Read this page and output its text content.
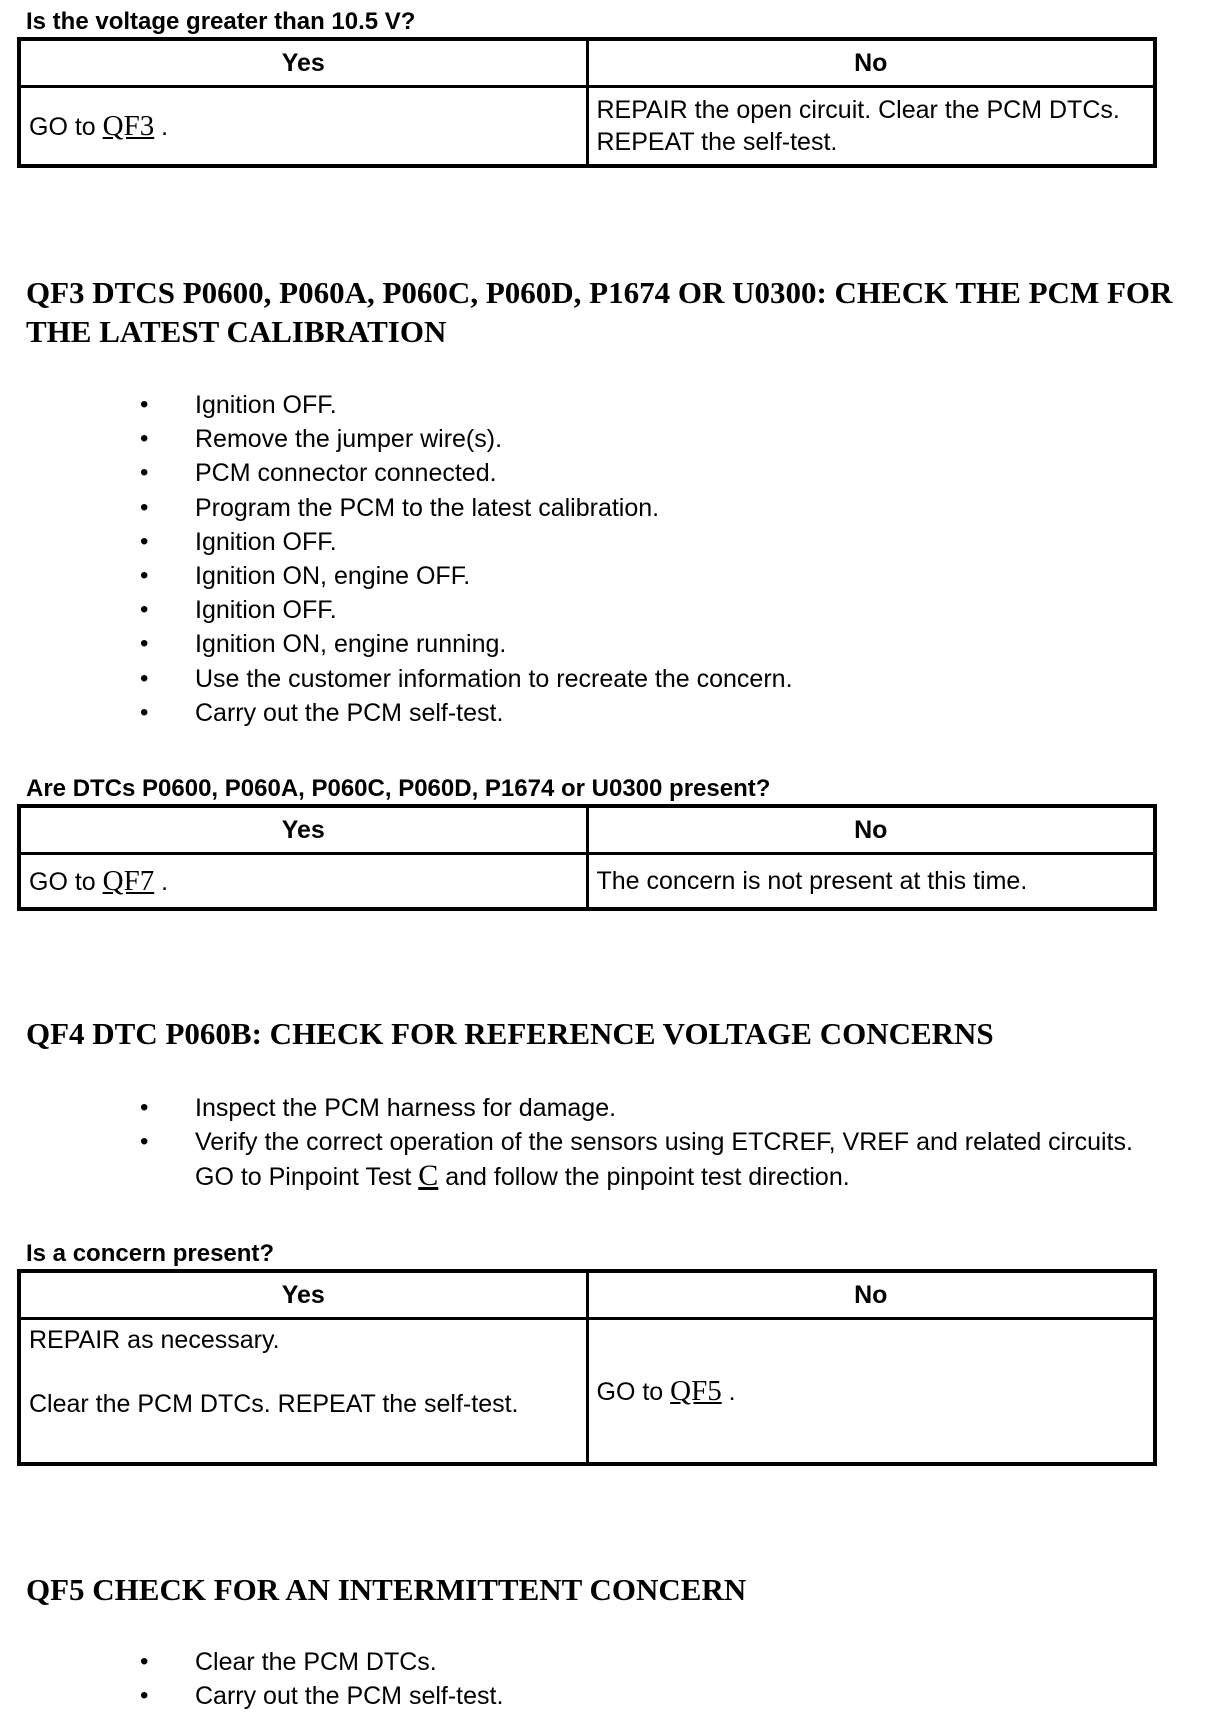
Is the voltage greater than 10.5 V?
Yes	No
GO to QF3 .	REPAIR the open circuit. Clear the PCM DTCs. REPEAT the self-test.
QF3 DTCS P0600, P060A, P060C, P060D, P1674 OR U0300: CHECK THE PCM FOR THE LATEST CALIBRATION
• Ignition OFF.
• Remove the jumper wire(s).
• PCM connector connected.
• Program the PCM to the latest calibration.
• Ignition OFF.
• Ignition ON, engine OFF.
• Ignition OFF.
• Ignition ON, engine running.
• Use the customer information to recreate the concern.
• Carry out the PCM self-test.
Are DTCs P0600, P060A, P060C, P060D, P1674 or U0300 present?
Yes	No
GO to QF7 .	The concern is not present at this time.
QF4 DTC P060B: CHECK FOR REFERENCE VOLTAGE CONCERNS
• Inspect the PCM harness for damage.
• Verify the correct operation of the sensors using ETCREF, VREF and related circuits. GO to Pinpoint Test C and follow the pinpoint test direction.
Is a concern present?
Yes	No

REPAIR as necessary.
Clear the PCM DTCs. REPEAT the self-test.	GO to QF5 .
QF5 CHECK FOR AN INTERMITTENT CONCERN
• Clear the PCM DTCs.
• Carry out the PCM self-test.
